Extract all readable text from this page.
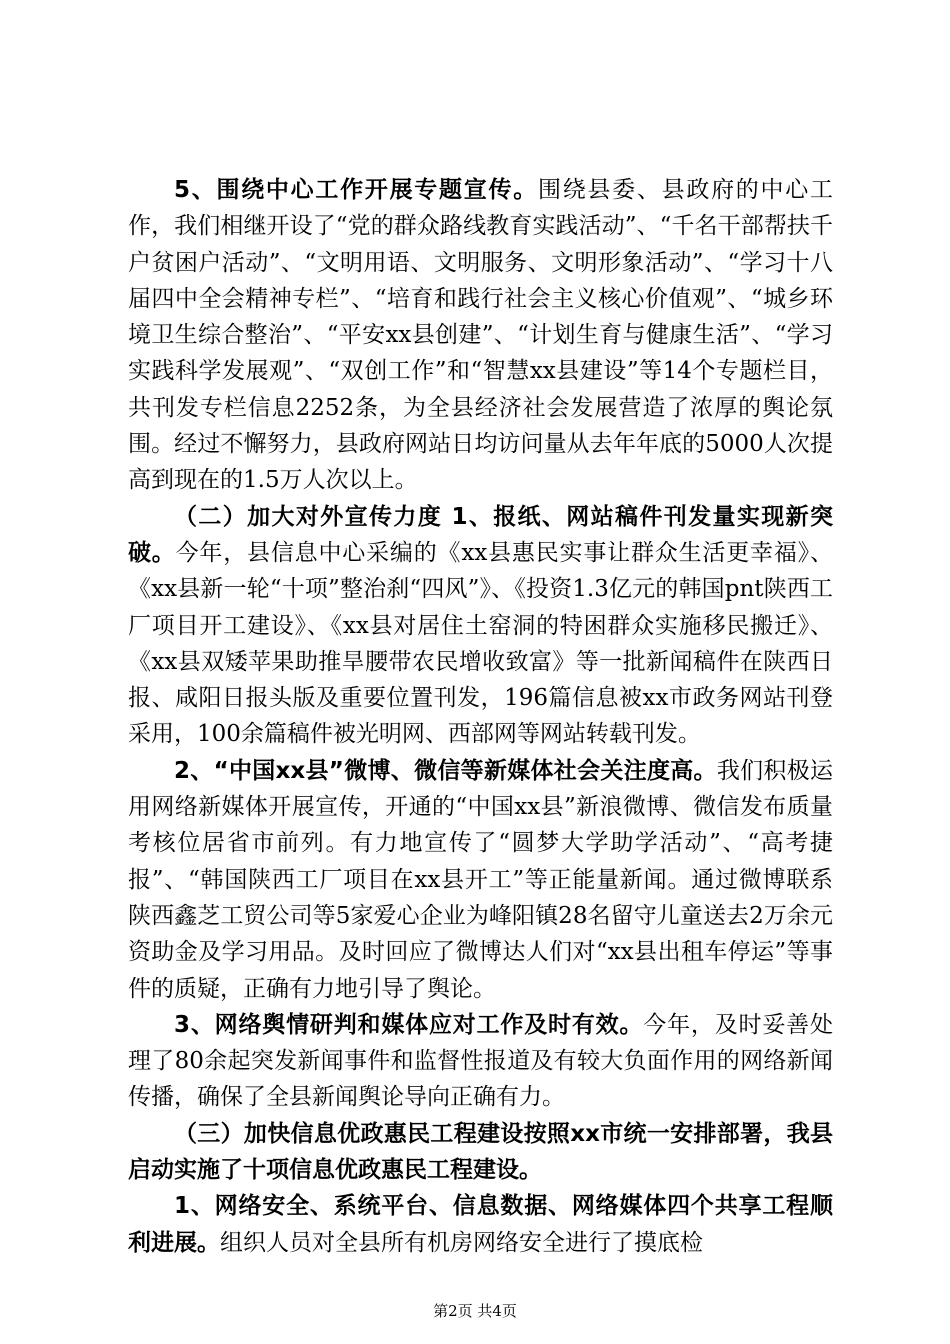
5、围绕中心工作开展专题宣传。围绕县委、县政府的中心工作，我们相继开设了“党的群众路线教育实践活动”、“千名干部帮扶千户贫困户活动”、“文明用语、文明服务、文明形象活动”、“学习十八届四中全会精神专栏”、“培育和践行社会主义核心价值观”、“城乡环境卫生综合整治”、“平安xx县创建”、“计划生育与健康生活”、“学习实践科学发展观”、“双创工作”和“智慧xx县建设”等14个专题栏目，共刊发专栏信息2252条，为全县经济社会发展营造了浓厚的舆论氛围。经过不懈努力，县政府网站日均访问量从去年年底的5000人次提高到现在的1.5万人次以上。

（二）加大对外宣传力度 1、报纸、网站稿件刊发量实现新突破。今年，县信息中心采编的《xx县惠民实事让群众生活更幸福》、《xx县新一轮“十项”整治刹“四风”》、《投资1.3亿元的韩国pnt陕西工厂项目开工建设》、《xx县对居住土窑洞的特困群众实施移民搬迁》、《xx县双矮苹果助推旱腰带农民增收致富》等一批新闻稿件在陕西日报、咸阳日报头版及重要位置刊发，196篇信息被xx市政务网站刊登采用，100余篇稿件被光明网、西部网等网站转载刊发。

2、“中国xx县”微博、微信等新媒体社会关注度高。我们积极运用网络新媒体开展宣传，开通的“中国xx县”新浪微博、微信发布质量考核位居省市前列。有力地宣传了“圆梦大学助学活动”、“高考捷报”、“韩国陕西工厂项目在xx县开工”等正能量新闻。通过微博联系陕西鑫芝工贸公司等5家爱心企业为峰阳镇28名留守儿童送去2万余元资助金及学习用品。及时回应了微博达人们对“xx县出租车停运”等事件的质疑，正确有力地引导了舆论。

3、网络舆情研判和媒体应对工作及时有效。今年，及时妥善处理了80余起突发新闻事件和监督性报道及有较大负面作用的网络新闻传播，确保了全县新闻舆论导向正确有力。

（三）加快信息优政惠民工程建设按照xx市统一安排部署，我县启动实施了十项信息优政惠民工程建设。

1、网络安全、系统平台、信息数据、网络媒体四个共享工程顺利进展。组织人员对全县所有机房网络安全进行了摸底检

第2页 共4页
